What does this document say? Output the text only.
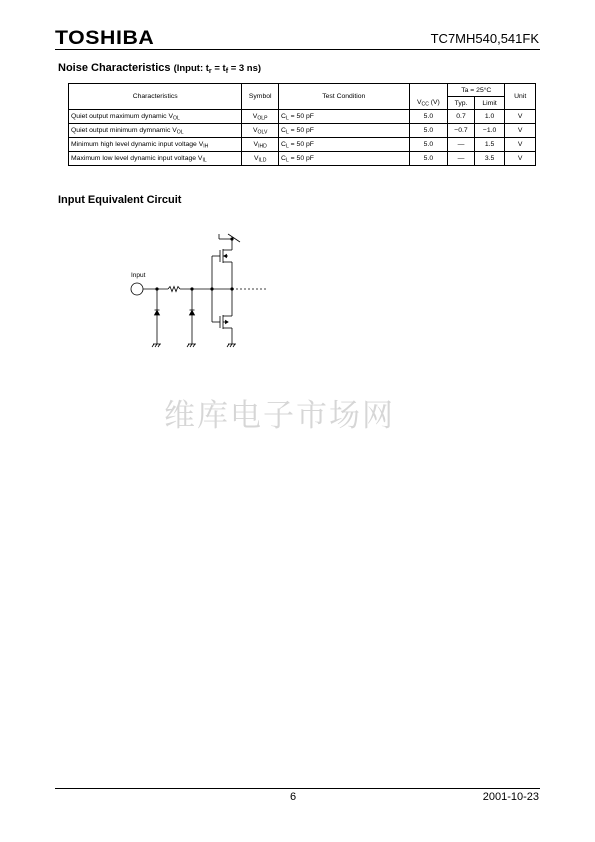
TOSHIBA	TC7MH540,541FK
Noise Characteristics (Input: $t_r = t_f = 3$ ns)
Characteristics	Symbol	Test Condition		Ta = 25°C		Unit
			$V_{CC}$ (V)	Typ.	Limit	
Quiet output maximum dynamic $V_{OL}$	$V_{OLP}$	$C_L = 50$ pF	5.0	0.7	1.0	V
Quiet output minimum dymnamic $V_{OL}$	$V_{OLV}$	$C_L = 50$ pF	5.0	−0.7	−1.0	V
Minimum high level dynamic input voltage $V_{IH}$	$V_{IHD}$	$C_L = 50$ pF	5.0	―	1.5	V
Maximum low level dynamic input voltage $V_{IL}$	$V_{ILD}$	$C_L = 50$ pF	5.0	―	3.5	V
Input Equivalent Circuit
Input
维库电子市场网
6	2001-10-23
